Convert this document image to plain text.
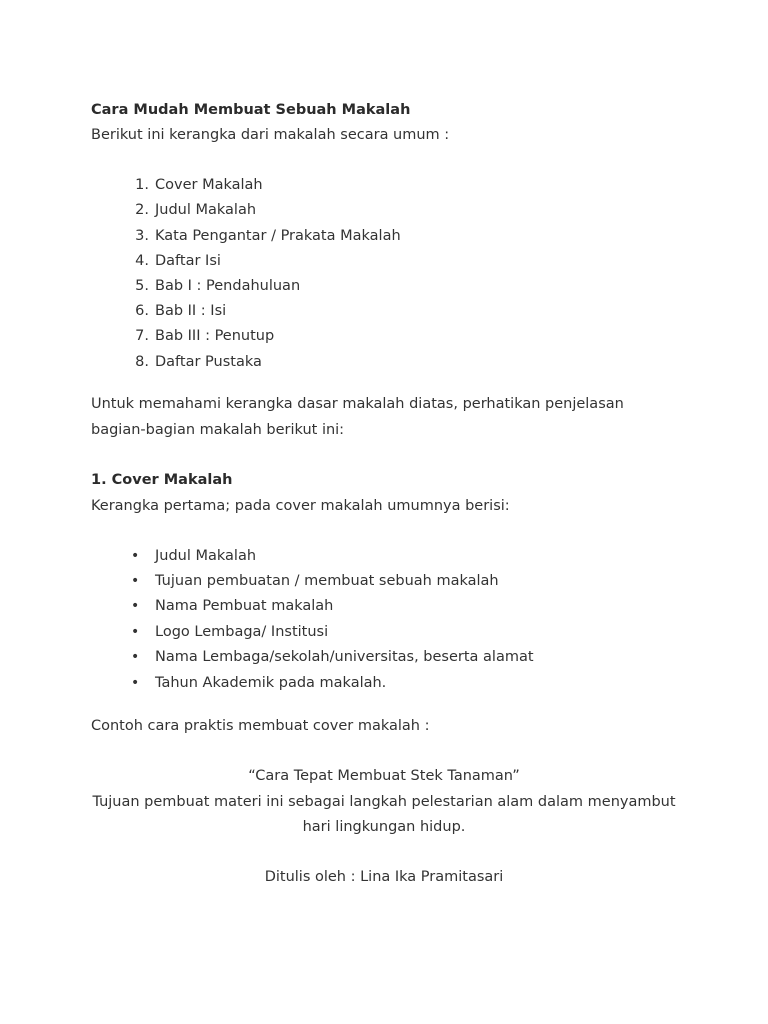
Cara Mudah Membuat Sebuah Makalah
Berikut ini kerangka dari makalah secara umum :
1. Cover Makalah
2. Judul Makalah
3. Kata Pengantar / Prakata Makalah
4. Daftar Isi
5. Bab I : Pendahuluan
6. Bab II : Isi
7. Bab III : Penutup
8. Daftar Pustaka
Untuk memahami kerangka dasar makalah diatas, perhatikan penjelasan
bagian-bagian makalah berikut ini:
1. Cover Makalah
Kerangka pertama; pada cover makalah umumnya berisi:
• Judul Makalah
• Tujuan pembuatan / membuat sebuah makalah
• Nama Pembuat makalah
• Logo Lembaga/ Institusi
• Nama Lembaga/sekolah/universitas, beserta alamat
• Tahun Akademik pada makalah.
Contoh cara praktis membuat cover makalah :
“Cara Tepat Membuat Stek Tanaman”
Tujuan pembuat materi ini sebagai langkah pelestarian alam dalam menyambut
hari lingkungan hidup.
Ditulis oleh : Lina Ika Pramitasari
